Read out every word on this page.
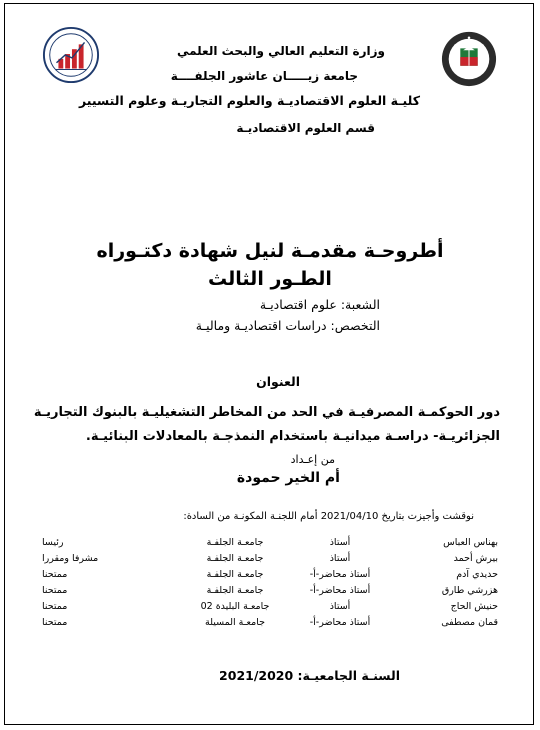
وزارة التعليم العالي والبحث العلمي
جامعة زيـــــان عاشور الجلفــــة
كليـة العلوم الاقتصاديـة والعلوم التجاريـة وعلوم التسيير
قسم العلوم الاقتصاديـة
أطروحـة مقدمـة لنيل شهادة دكتـوراه
الطـور الثالث
الشعبة: علوم اقتصاديـة
التخصص: دراسات اقتصاديـة وماليـة
العنوان
دور الحوكمـة المصرفيـة في الحد من المخاطر التشغيليـة بالبنوك التجاريـة
الجزائريـة- دراسـة ميدانيـة باستخدام النمذجـة بالمعادلات البنائيـة.
من إعـداد
أم الخير حمودة
نوقشت وأجيزت بتاريخ 2021/04/10 أمام اللجنـة المكونـة من السادة:
بهناس العباس	أستاذ	جامعـة الجلفـة	رئيسا
بيرش أحمد	أستاذ	جامعـة الجلفـة	مشرفا ومقررا
حديدي آدم	أستاذ محاضر-أ-	جامعـة الجلفـة	ممتحنا
هزرشي طارق	أستاذ محاضر-أ-	جامعـة الجلفـة	ممتحنا
حنيش الحاج	أستاذ	جامعـة البليدة 02	ممتحنا
قمان مصطفى	أستاذ محاضر-أ-	جامعـة المسيلة	ممتحنا
السنـة الجامعيـة: 2021/2020
